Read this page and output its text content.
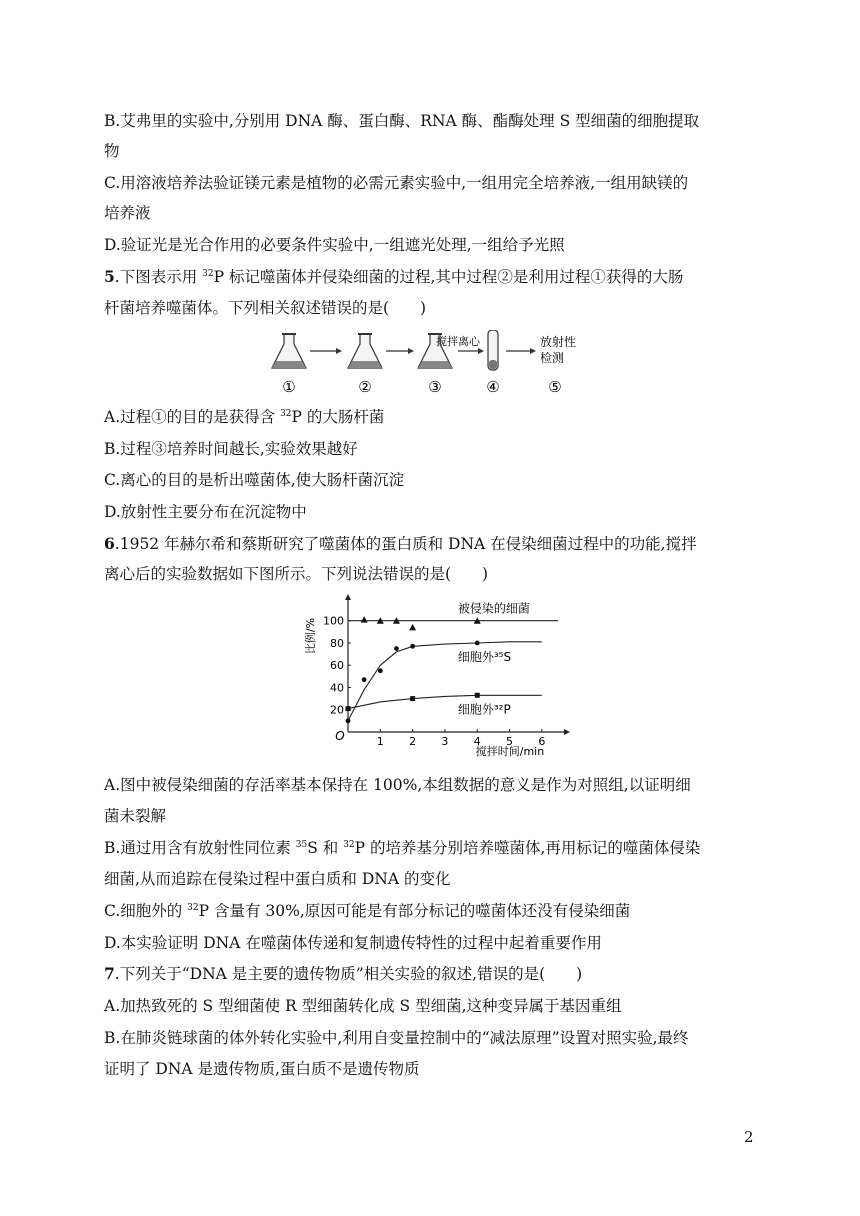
B.艾弗里的实验中,分别用 DNA 酶、蛋白酶、RNA 酶、酯酶处理 S 型细菌的细胞提取
物
C.用溶液培养法验证镁元素是植物的必需元素实验中,一组用完全培养液,一组用缺镁的
培养液
D.验证光是光合作用的必要条件实验中,一组遮光处理,一组给予光照
5.下图表示用 $^{32}$P 标记噬菌体并侵染细菌的过程,其中过程②是利用过程①获得的大肠
杆菌培养噬菌体。下列相关叙述错误的是(　　)
搅拌离心	放射性
检测
①	②	③	④	⑤
A.过程①的目的是获得含 $^{32}$P 的大肠杆菌
B.过程③培养时间越长,实验效果越好
C.离心的目的是析出噬菌体,使大肠杆菌沉淀
D.放射性主要分布在沉淀物中
6.1952 年赫尔希和蔡斯研究了噬菌体的蛋白质和 DNA 在侵染细菌过程中的功能,搅拌
离心后的实验数据如下图所示。下列说法错误的是(　　)
1 2 3 4 5 6
20
40
60
80
100
被侵染的细菌
细胞外³⁵S
细胞外³²P
比例/%
搅拌时间/min
O
A.图中被侵染细菌的存活率基本保持在 100%,本组数据的意义是作为对照组,以证明细
菌未裂解
B.通过用含有放射性同位素 $^{35}$S 和 $^{32}$P 的培养基分别培养噬菌体,再用标记的噬菌体侵染
细菌,从而追踪在侵染过程中蛋白质和 DNA 的变化
C.细胞外的 $^{32}$P 含量有 30%,原因可能是有部分标记的噬菌体还没有侵染细菌
D.本实验证明 DNA 在噬菌体传递和复制遗传特性的过程中起着重要作用
7.下列关于“DNA 是主要的遗传物质”相关实验的叙述,错误的是(　　)
A.加热致死的 S 型细菌使 R 型细菌转化成 S 型细菌,这种变异属于基因重组
B.在肺炎链球菌的体外转化实验中,利用自变量控制中的“减法原理”设置对照实验,最终
证明了 DNA 是遗传物质,蛋白质不是遗传物质
2
